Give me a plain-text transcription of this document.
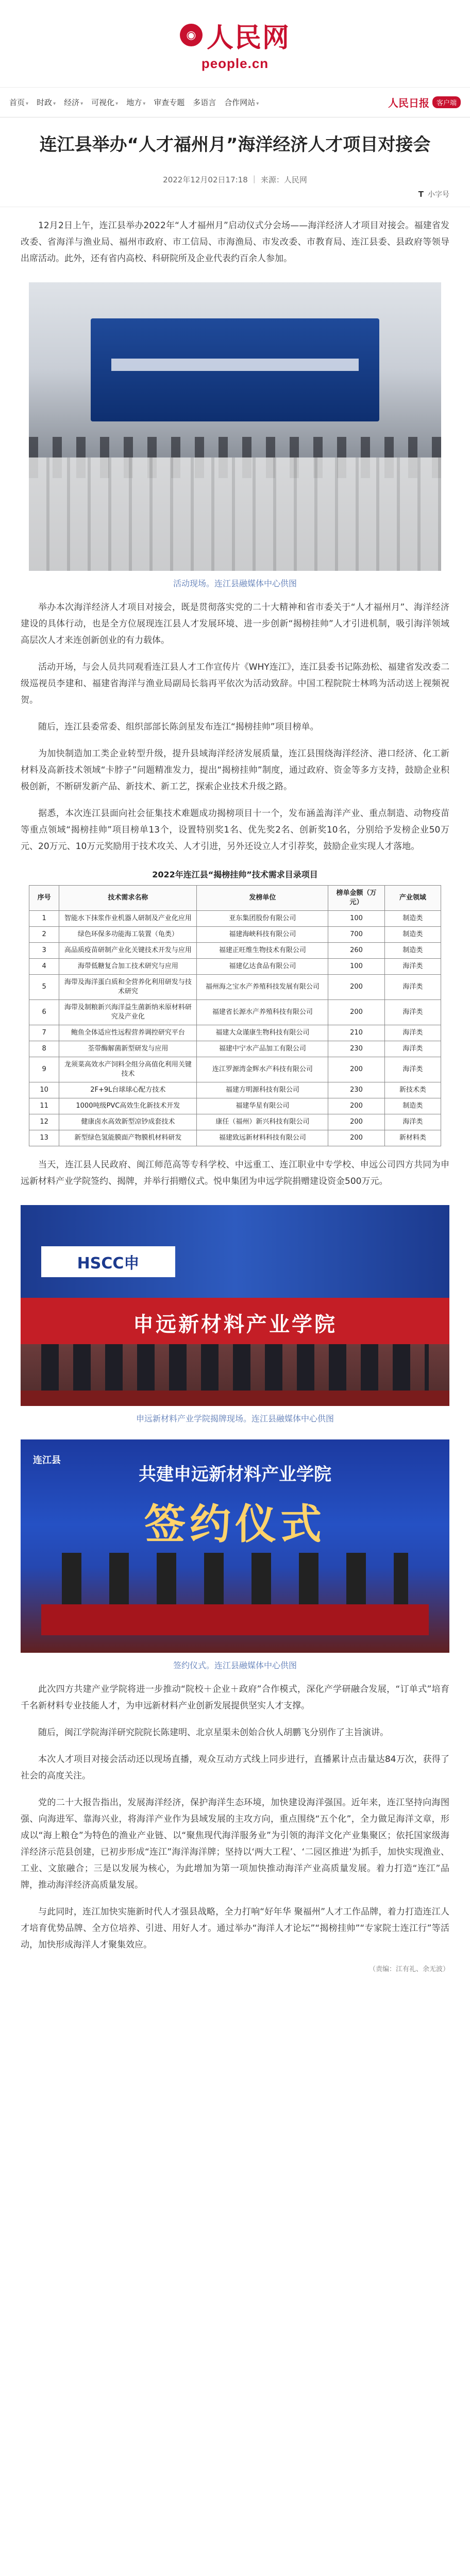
◉ 人民网
people.cn
首页 ▾ 时政 ▾ 经济 ▾ 可视化 ▾ 地方 ▾ 审查专题 多语言 合作网站 ▾	人民日报	客户端
连江县举办“人才福州月”海洋经济人才项目对接会
2022年12月02日17:18 | 来源：人民网
T 小字号

12月2日上午，连江县举办2022年“人才福州月”启动仪式分会场——海洋经济人才项目对接会。福建省发改委、省海洋与渔业局、福州市政府、市工信局、市海渔局、市发改委、市教育局、连江县委、县政府等领导出席活动。此外，还有省内高校、科研院所及企业代表约百余人参加。

活动现场。连江县融媒体中心供图

举办本次海洋经济人才项目对接会，既是贯彻落实党的二十大精神和省市委关于“人才福州月”、海洋经济建设的具体行动，也是全方位展现连江县人才发展环境、进一步创新“揭榜挂帅”人才引进机制，吸引海洋领域高层次人才来连创新创业的有力载体。

活动开场，与会人员共同观看连江县人才工作宣传片《WHY连江》，连江县委书记陈劲松、福建省发改委二级巡视员李建和、福建省海洋与渔业局副局长翁再平依次为活动致辞。中国工程院院士林鸣为活动送上视频祝贺。

随后，连江县委常委、组织部部长陈剑星发布连江“揭榜挂帅”项目榜单。

为加快制造加工类企业转型升级，提升县域海洋经济发展质量，连江县围绕海洋经济、港口经济、化工新材料及高新技术领域“卡脖子”问题精准发力，提出“揭榜挂帅”制度，通过政府、资金等多方支持，鼓励企业积极创新，不断研发新产品、新技术、新工艺，探索企业技术升级之路。

据悉，本次连江县面向社会征集技术难题成功揭榜项目十一个，发布涵盖海洋产业、重点制造、动物疫苗等重点领域“揭榜挂帅”项目榜单13个，设置特别奖1名、优先奖2名、创新奖10名，分别给予发榜企业50万元、20万元、10万元奖励用于技术攻关、人才引进，另外还设立人才引荐奖，鼓励企业实现人才落地。

2022年连江县“揭榜挂帅”技术需求目录项目
序号	技术需求名称	发榜单位	榜单金额（万元）	产业领域
1	智能水下抹浆作业机器人研制及产业化应用	亚东集团股份有限公司	100	制造类
2	绿色环保多功能海工装置（龟类）	福建海峡科技有限公司	700	制造类
3	高品质疫苗研制产业化关键技术开发与应用	福建正旺维生物技术有限公司	260	制造类
4	海带低糖复合加工技术研究与应用	福建亿达食品有限公司	100	海洋类
5	海带及海洋蛋白质和全营养化利用研发与技术研究	福州海之宝水产养殖科技发展有限公司	200	海洋类
6	海带及制粮新兴海洋益生菌新纳米原材料研究及产业化	福建省长源水产养殖科技有限公司	200	海洋类
7	鲍鱼全体适应性远程营养调控研究平台	福建大众谨康生物科技有限公司	210	海洋类
8	荃带酶解菌新型研发与应用	福建中宁水产品加工有限公司	230	海洋类
9	龙须菜高效水产饲料全组分高值化利用关键技术	连江罗源湾金辉水产科技有限公司	200	海洋类
10	2F+9L台球球心配方技术	福建方明源科技有限公司	230	新技术类
11	1000吨级PVC高效生化新技术开发	福建华星有限公司	200	制造类
12	健康卤水高效新型凉钞成套技术	康任（福州）新兴科技有限公司	200	海洋类
13	新型绿色氢能膜面产物膜机材料研发	福建致远新材料科技有限公司	200	新材料类

当天，连江县人民政府、闽江师范高等专科学校、中远重工、连江职业中专学校、申远公司四方共同为申远新材料产业学院签约、揭牌，并举行捐赠仪式。悦申集团为申远学院捐赠建设资金500万元。

HSCC申
申远新材料产业学院

申远新材料产业学院揭牌现场。连江县融媒体中心供图

连江县
共建申远新材料产业学院
签约仪式

签约仪式。连江县融媒体中心供图

此次四方共建产业学院将进一步推动“院校＋企业＋政府”合作模式，深化产学研融合发展，“订单式”培育千名新材料专业技能人才，为申远新材料产业创新发展提供坚实人才支撑。

随后，闽江学院海洋研究院院长陈建明、北京星渠未创始合伙人胡鹏飞分别作了主旨演讲。

本次人才项目对接会活动还以现场直播，观众互动方式线上同步进行，直播累计点击量达84万次，获得了社会的高度关注。

党的二十大报告指出，发展海洋经济，保护海洋生态环境，加快建设海洋强国。近年来，连江坚持向海图强、向海进军、靠海兴业，将海洋产业作为县域发展的主攻方向，重点围绕“五个化”，全力做足海洋文章，形成以“海上粮仓”为特色的渔业产业链、以“聚焦现代海洋服务业”为引领的海洋文化产业集聚区；依托国家级海洋经济示范县创建，已初步形成“连江”海洋海洋牌；坚持以‘两大工程’、‘二园区推进’为抓手，加快实现渔业、工业、文旅融合；三是以发展为核心，为此增加为第一项加快推动海洋产业高质量发展。着力打造“连江”品牌，推动海洋经济高质量发展。

与此同时，连江加快实施新时代人才强县战略，全力打响“好年华 聚福州”人才工作品牌，着力打造连江人才培育优势品牌、全方位培养、引进、用好人才。通过举办“海洋人才论坛”“揭榜挂帅”“专家院士连江行”等活动，加快形成海洋人才聚集效应。

（责编：江有礼、余无波）
